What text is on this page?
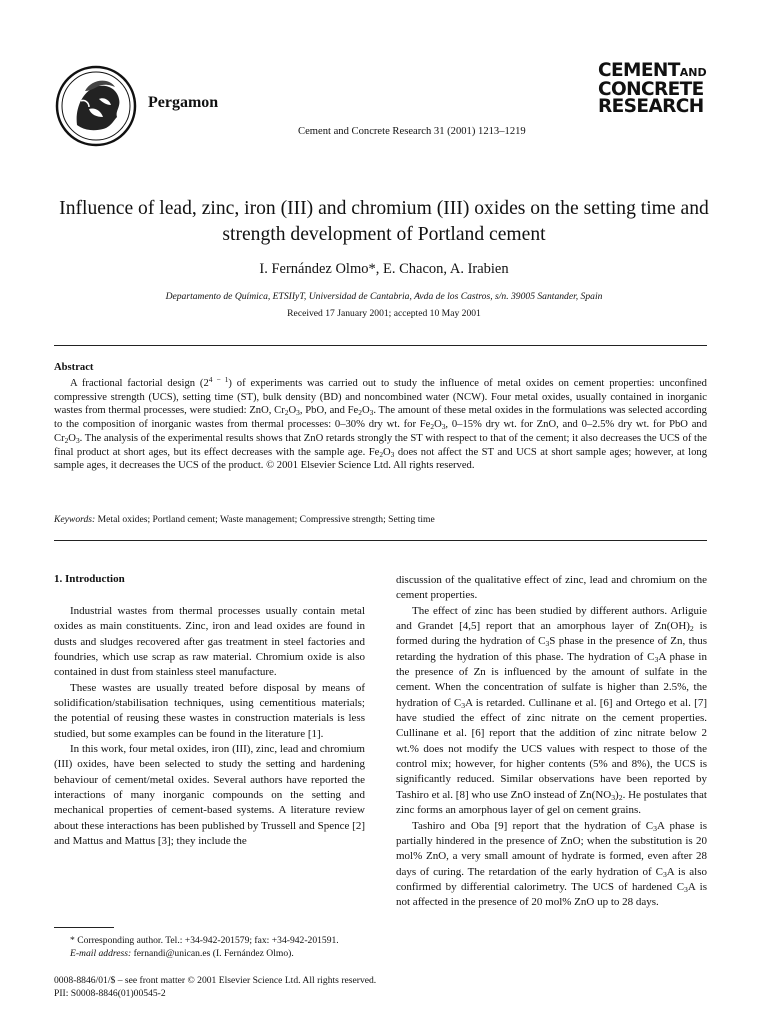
Pergamon
Cement and Concrete Research 31 (2001) 1213–1219
CEMENTAND
CONCRETE
RESEARCH
Influence of lead, zinc, iron (III) and chromium (III) oxides on the setting time and strength development of Portland cement
I. Fernández Olmo*, E. Chacon, A. Irabien
Departamento de Química, ETSIIyT, Universidad de Cantabria, Avda de los Castros, s/n. 39005 Santander, Spain
Received 17 January 2001; accepted 10 May 2001
Abstract

A fractional factorial design $(2^{4 - 1})$ of experiments was carried out to study the influence of metal oxides on cement properties: unconfined compressive strength (UCS), setting time (ST), bulk density (BD) and noncombined water (NCW). Four metal oxides, usually contained in inorganic wastes from thermal processes, were studied: ZnO, $Cr_2O_3$, PbO, and $Fe_2O_3$. The amount of these metal oxides in the formulations was selected according to the composition of inorganic wastes from thermal processes: 0–30% dry wt. for $Fe_2O_3$, 0–15% dry wt. for ZnO, and 0–2.5% dry wt. for PbO and $Cr_2O_3$. The analysis of the experimental results shows that ZnO retards strongly the ST with respect to that of the cement; it also decreases the UCS of the final product at short ages, but its effect decreases with the sample age. $Fe_2O_3$ does not affect the ST and UCS at short sample ages; however, at long sample ages, it decreases the UCS of the product. © 2001 Elsevier Science Ltd. All rights reserved.

Keywords: Metal oxides; Portland cement; Waste management; Compressive strength; Setting time
1. Introduction

Industrial wastes from thermal processes usually contain metal oxides as main constituents. Zinc, iron and lead oxides are found in dusts and sludges recovered after gas treatment in steel factories and foundries, which use scrap as raw material. Chromium oxide is also contained in dust from stainless steel manufacture.

These wastes are usually treated before disposal by means of solidification/stabilisation techniques, using cementitious materials; the potential of reusing these wastes in construction materials is less studied, but some examples can be found in the literature [1].

In this work, four metal oxides, iron (III), zinc, lead and chromium (III) oxides, have been selected to study the setting and hardening behaviour of cement/metal oxides. Several authors have reported the interactions of many inorganic compounds on the setting and mechanical properties of cement-based systems. A literature review about these interactions has been published by Trussell and Spence [2] and Mattus and Mattus [3]; they include the

discussion of the qualitative effect of zinc, lead and chromium on the cement properties.

The effect of zinc has been studied by different authors. Arliguie and Grandet [4,5] report that an amorphous layer of $Zn(OH)_2$ is formed during the hydration of $C_3S$ phase in the presence of Zn, thus retarding the hydration of this phase. The hydration of $C_3A$ phase in the presence of Zn is influenced by the amount of sulfate in the cement. When the concentration of sulfate is higher than 2.5%, the hydration of $C_3A$ is retarded. Cullinane et al. [6] and Ortego et al. [7] have studied the effect of zinc nitrate on the cement properties. Cullinane et al. [6] report that the addition of zinc nitrate below 2 wt.% does not modify the UCS values with respect to those of the control mix; however, for higher contents (5% and 8%), the UCS is significantly reduced. Similar observations have been reported by Tashiro et al. [8] who use ZnO instead of $Zn(NO_3)_2$. He postulates that zinc forms an amorphous layer of gel on cement grains.

Tashiro and Oba [9] report that the hydration of $C_3A$ phase is partially hindered in the presence of ZnO; when the substitution is 20 mol% ZnO, a very small amount of hydrate is formed, even after 28 days of curing. The retardation of the early hydration of $C_3A$ is also confirmed by differential calorimetry. The UCS of hardened $C_3A$ is not affected in the presence of 20 mol% ZnO up to 28 days.

* Corresponding author. Tel.: +34-942-201579; fax: +34-942-201591.
E-mail address: fernandi@unican.es (I. Fernández Olmo).
0008-8846/01/$ – see front matter © 2001 Elsevier Science Ltd. All rights reserved.
PII: S0008-8846(01)00545-2
